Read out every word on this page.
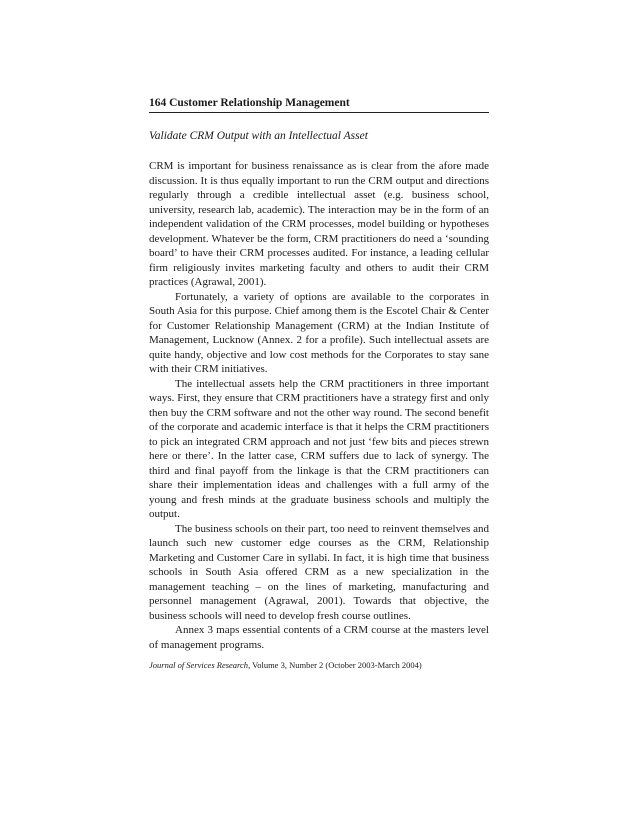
164 Customer Relationship Management
Validate CRM Output with an Intellectual Asset

CRM is important for business renaissance as is clear from the afore made discussion. It is thus equally important to run the CRM output and directions regularly through a credible intellectual asset (e.g. business school, university, research lab, academic). The interaction may be in the form of an independent validation of the CRM processes, model building or hypotheses development. Whatever be the form, CRM practitioners do need a ‘sounding board’ to have their CRM processes audited. For instance, a leading cellular firm religiously invites marketing faculty and others to audit their CRM practices (Agrawal, 2001).

Fortunately, a variety of options are available to the corporates in South Asia for this purpose. Chief among them is the Escotel Chair & Center for Customer Relationship Management (CRM) at the Indian Institute of Management, Lucknow (Annex. 2 for a profile). Such intellectual assets are quite handy, objective and low cost methods for the Corporates to stay sane with their CRM initiatives.

The intellectual assets help the CRM practitioners in three important ways. First, they ensure that CRM practitioners have a strategy first and only then buy the CRM software and not the other way round. The second benefit of the corporate and academic interface is that it helps the CRM practitioners to pick an integrated CRM approach and not just ‘few bits and pieces strewn here or there’. In the latter case, CRM suffers due to lack of synergy. The third and final payoff from the linkage is that the CRM practitioners can share their implementation ideas and challenges with a full army of the young and fresh minds at the graduate business schools and multiply the output.

The business schools on their part, too need to reinvent themselves and launch such new customer edge courses as the CRM, Relationship Marketing and Customer Care in syllabi. In fact, it is high time that business schools in South Asia offered CRM as a new specialization in the management teaching – on the lines of marketing, manufacturing and personnel management (Agrawal, 2001). Towards that objective, the business schools will need to develop fresh course outlines.

Annex 3 maps essential contents of a CRM course at the masters level of management programs.

Journal of Services Research, Volume 3, Number 2 (October 2003-March 2004)
